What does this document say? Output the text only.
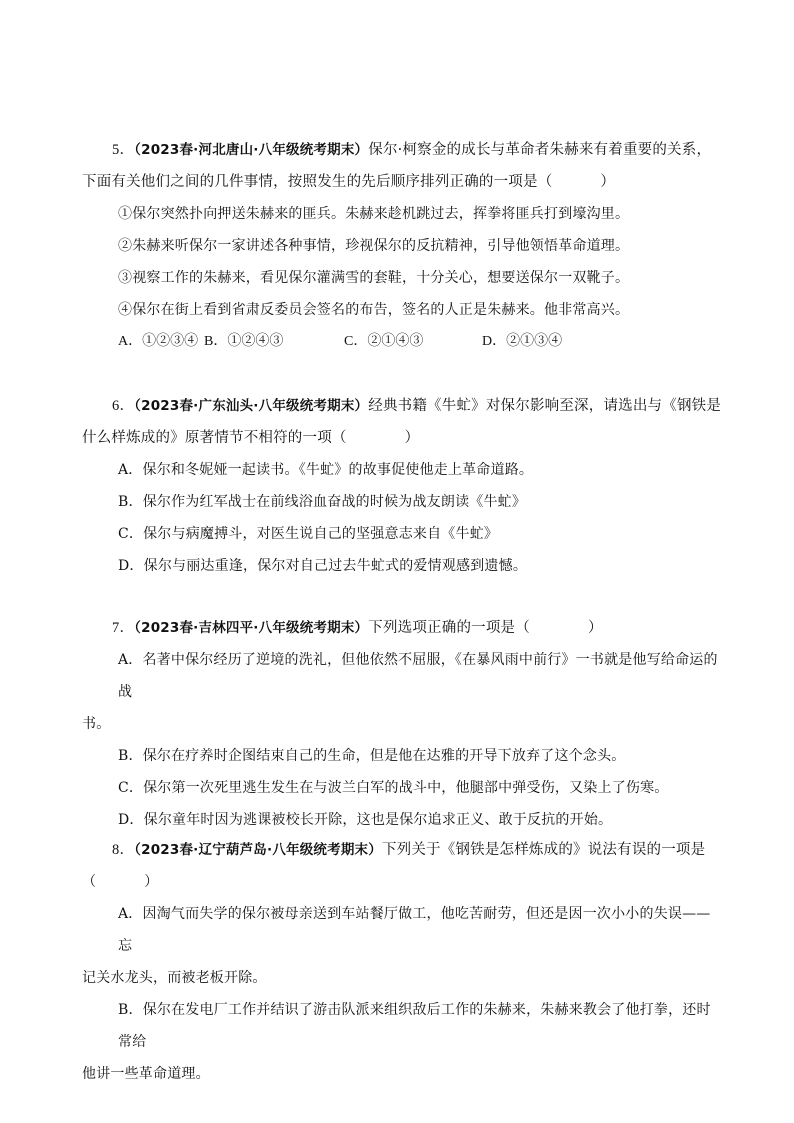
5．（2023春·河北唐山·八年级统考期末）保尔·柯察金的成长与革命者朱赫来有着重要的关系，下面有关他们之间的几件事情，按照发生的先后顺序排列正确的一项是（	）

①保尔突然扑向押送朱赫来的匪兵。朱赫来趁机跳过去，挥拳将匪兵打到壕沟里。

②朱赫来听保尔一家讲述各种事情，珍视保尔的反抗精神，引导他领悟革命道理。

③视察工作的朱赫来，看见保尔灌满雪的套鞋，十分关心，想要送保尔一双靴子。

④保尔在街上看到省肃反委员会签名的布告，签名的人正是朱赫来。他非常高兴。

A．①②③④ B．①②④③	C．②①④③	D．②①③④

6．（2023春·广东汕头·八年级统考期末）经典书籍《牛虻》对保尔影响至深，请选出与《钢铁是什么样炼成的》原著情节不相符的一项（	）

A．保尔和冬妮娅一起读书。《牛虻》的故事促使他走上革命道路。

B．保尔作为红军战士在前线浴血奋战的时候为战友朗读《牛虻》

C．保尔与病魔搏斗，对医生说自己的坚强意志来自《牛虻》

D．保尔与丽达重逢，保尔对自己过去牛虻式的爱情观感到遗憾。

7．（2023春·吉林四平·八年级统考期末）下列选项正确的一项是（	）

A．名著中保尔经历了逆境的洗礼，但他依然不屈服，《在暴风雨中前行》一书就是他写给命运的战
书。

B．保尔在疗养时企图结束自己的生命，但是他在达雅的开导下放弃了这个念头。

C．保尔第一次死里逃生发生在与波兰白军的战斗中，他腿部中弹受伤，又染上了伤寒。

D．保尔童年时因为逃课被校长开除，这也是保尔追求正义、敢于反抗的开始。

8．（2023春·辽宁葫芦岛·八年级统考期末）下列关于《钢铁是怎样炼成的》说法有误的一项是

（	）

A．因淘气而失学的保尔被母亲送到车站餐厅做工，他吃苦耐劳，但还是因一次小小的失误——忘
记关水龙头，而被老板开除。
B．保尔在发电厂工作并结识了游击队派来组织敌后工作的朱赫来，朱赫来教会了他打拳，还时常给
他讲一些革命道理。
